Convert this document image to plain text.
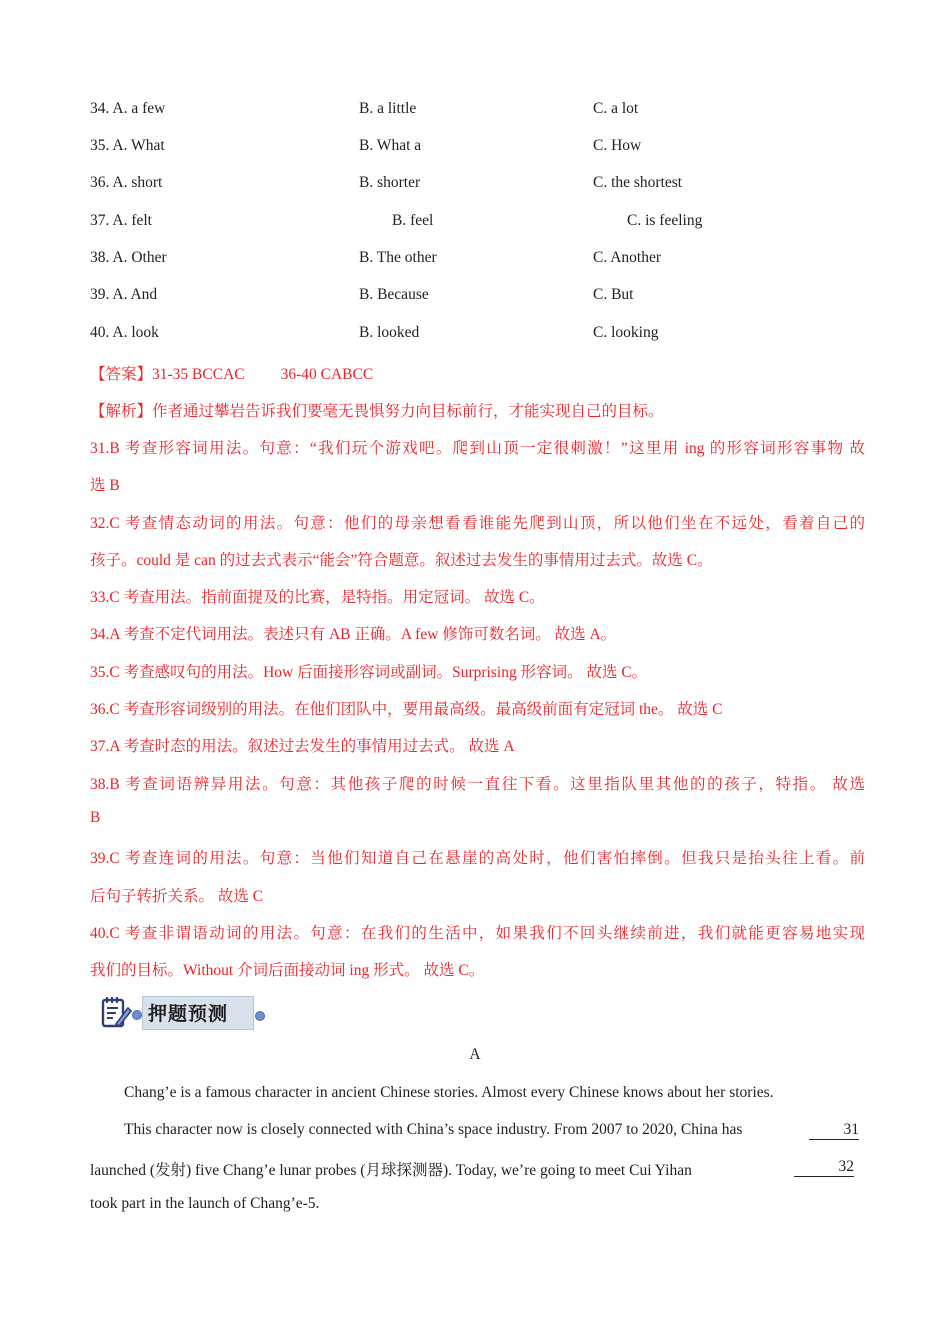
34. A. a few	B. a little	C. a lot
35. A. What	B. What a	C. How
36. A. short	B. shorter	C. the shortest
37. A. felt	B. feel	C. is feeling
38. A. Other	B. The other	C. Another
39. A. And	B. Because	C. But
40. A. look	B. looked	C. looking
【答案】31-35 BCCAC 36-40 CABCC
【解析】作者通过攀岩告诉我们要毫无畏惧努力向目标前行，才能实现自己的目标。
31.B 考查形容词用法。句意：“我们玩个游戏吧。爬到山顶一定很刺激！”这里用 ing 的形容词形容事物 故
选 B
32.C 考查情态动词的用法。句意：他们的母亲想看看谁能先爬到山顶，所以他们坐在不远处，看着自己的
孩子。could 是 can 的过去式表示“能会”符合题意。叙述过去发生的事情用过去式。故选 C。
33.C 考查用法。指前面提及的比赛，是特指。用定冠词。 故选 C。
34.A 考查不定代词用法。表述只有 AB 正确。A few 修饰可数名词。 故选 A。
35.C 考查感叹句的用法。How 后面接形容词或副词。Surprising 形容词。 故选 C。
36.C 考查形容词级别的用法。在他们团队中，要用最高级。最高级前面有定冠词 the。 故选 C
37.A 考查时态的用法。叙述过去发生的事情用过去式。 故选 A
38.B 考查词语辨异用法。句意：其他孩子爬的时候一直往下看。这里指队里其他的的孩子，特指。 故选
B
39.C 考查连词的用法。句意：当他们知道自己在悬崖的高处时，他们害怕摔倒。但我只是抬头往上看。前
后句子转折关系。 故选 C
40.C 考查非谓语动词的用法。句意：在我们的生活中，如果我们不回头继续前进，我们就能更容易地实现
我们的目标。Without 介词后面接动词 ing 形式。 故选 C。
押题预测
A
Chang’e is a famous character in ancient Chinese stories. Almost every Chinese knows about her stories.
This character now is closely connected with China’s space industry. From 2007 to 2020, China has	31
launched (发射) five Chang’e lunar probes (月球探测器). Today, we’re going to meet Cui Yihan	32
took part in the launch of Chang’e-5.
